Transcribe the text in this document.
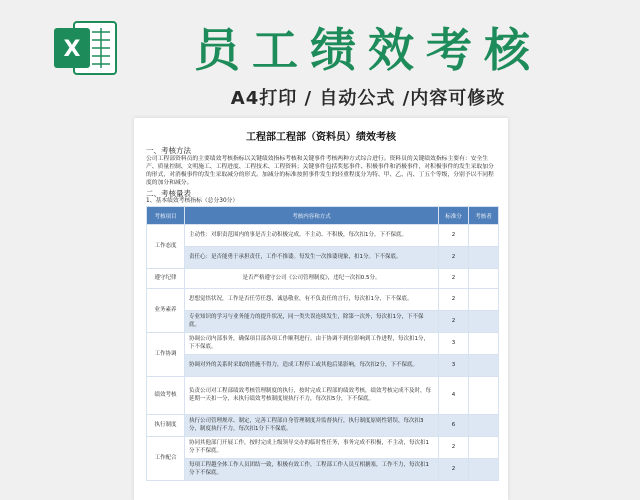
X	员工绩效考核
A4打印 / 自动公式 /内容可修改
工程部工程部（资料员）绩效考核
一、考核方法
公司工程部资料员的主要绩效考核指标以关键绩效指标考核和关键事件考核两种方式综合进行。资料员的关键绩效指标主要有：安全生产、质量控制、文明施工、工程进度、工程技术、工程资料；关键事件包括奖惩事件、积极事件和消极事件，对积极事件的发生采取加分的形式，对消极事件的发生采取减分的形式。加减分的标准按照事件发生的轻重程度分为特、甲、乙、丙、丁五个等级，分别予以不同程度的加分和减分。
二、考核量表
1、基本绩效考核指标（总分30分）
考核项目	考核内容和方式	标准分	考核者
工作态度	主动性：对职责范围内的事是否主动积极完成。不主动、不积极，每次扣1分。下不保底。	2	
	责任心：是否能勇于承担责任，工作不推诿。每发生一次推诿现象，扣1分。下不保底。	2	
遵守纪律	是否严格遵守公司《公司管理制度》，违纪一次扣0.5分。	2	
业务素养	思想觉悟状况，工作是否任劳任怨，诚恳敬业，有不负责任的言行，每次扣1分，下不保底。	2	
	专业知识的学习与业务能力的提升状况，同一类失误连续发生，除第一次外，每次扣1分，下不保底。	2	
工作协调	协调公司内部事务，确保项目部各项工作顺利进行。由于协调不到位影响到工作进程，每次扣1分，下不保底。	3	
	协调对外的关系时采取的措施不得力，造成工程停工或其他后果影响，每次扣2分，下不保底。	3	
绩效考核	负责公司对工程部绩效考核管理制度的执行，按时完成工程部的绩效考核，绩效考核完成不及时，每延期一天扣一分，未执行绩效考核制度规执行不力，每次扣5分，下不保底。	4	
执行制度	执行公司管理规章、制定，完善工程部自身管理制度并监督执行，执行制度原则性错误，每次扣3分，制度执行不力，每次扣1分下不保底。	6	
工作配合	协同其他部门开展工作，按时完成上级领导交办的临时性任务，事务完成不积极，不主动，每次扣1分下不保底。	2	
	每项工程越全体工作人员团结一致，积极有效工作，工程部工作人员互相搪塞，工作不力，每次扣1分下不保底。	2	
